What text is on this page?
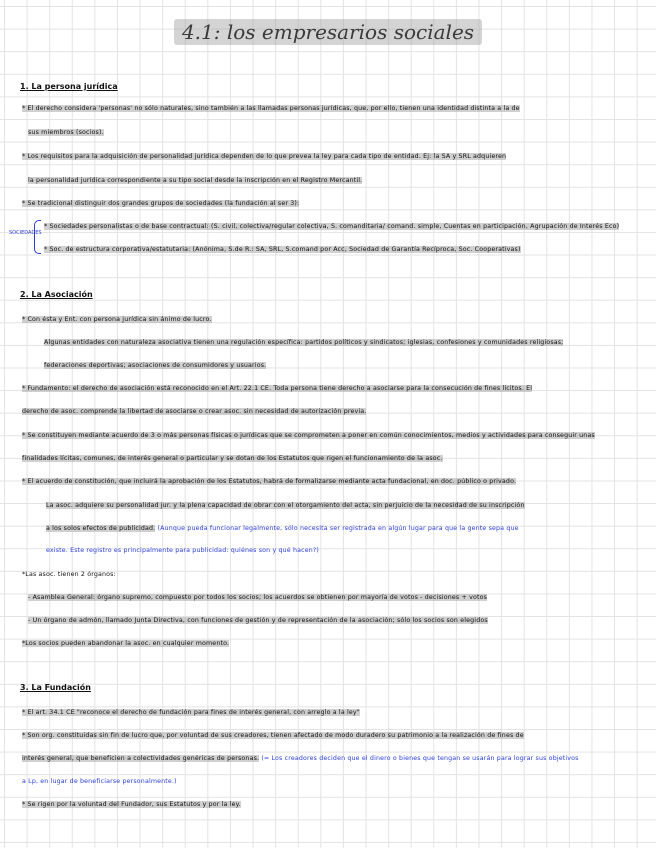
4.1: los empresarios sociales
1. La persona jurídica
* El derecho considera 'personas' no sólo naturales, sino también a las llamadas personas jurídicas, que, por ello, tienen una identidad distinta a la de
sus miembros (socios).
* Los requisitos para la adquisición de personalidad jurídica dependen de lo que prevea la ley para cada tipo de entidad. Ej: la SA y SRL adquieren
la personalidad jurídica correspondiente a su tipo social desde la inscripción en el Registro Mercantil.
* Se tradicional distinguir dos grandes grupos de sociedades (la fundación al ser 3):
SOCIEDADES
* Sociedades personalistas o de base contractual: (S. civil, colectiva/regular colectiva, S. comanditaria/ comand. simple, Cuentas en participación, Agrupación de Interés Eco)
* Soc. de estructura corporativa/estatutaria: (Anónima, S.de R.: SA, SRL, S.comand por Acc, Sociedad de Garantía Recíproca, Soc. Cooperativas)
2. La Asociación
* Con ésta y Ent. con persona jurídica sin ánimo de lucro.
Algunas entidades con naturaleza asociativa tienen una regulación específica: partidos políticos y sindicatos; iglesias, confesiones y comunidades religiosas;
federaciones deportivas; asociaciones de consumidores y usuarios.
* Fundamento: el derecho de asociación está reconocido en el Art. 22.1 CE. Toda persona tiene derecho a asociarse para la consecución de fines lícitos. El
derecho de asoc. comprende la libertad de asociarse o crear asoc. sin necesidad de autorización previa.
* Se constituyen mediante acuerdo de 3 o más personas físicas o jurídicas que se comprometen a poner en común conocimientos, medios y actividades para conseguir unas
finalidades lícitas, comunes, de interés general o particular y se dotan de los Estatutos que rigen el funcionamiento de la asoc.
* El acuerdo de constitución, que incluirá la aprobación de los Estatutos, habrá de formalizarse mediante acta fundacional, en doc. público o privado.
La asoc. adquiere su personalidad jur. y la plena capacidad de obrar con el otorgamiento del acta, sin perjuicio de la necesidad de su inscripción
a los solos efectos de publicidad. (Aunque pueda funcionar legalmente, sólo necesita ser registrada en algún lugar para que la gente sepa que
existe. Este registro es principalmente para publicidad: quiénes son y qué hacen?)
*Las asoc. tienen 2 órganos:
- Asamblea General: órgano supremo, compuesto por todos los socios; los acuerdos se obtienen por mayoría de votos - decisiones + votos
- Un órgano de admón, llamado Junta Directiva, con funciones de gestión y de representación de la asociación; sólo los socios son elegidos
*Los socios pueden abandonar la asoc. en cualquier momento.
3. La Fundación
* El art. 34.1 CE "reconoce el derecho de fundación para fines de interés general, con arreglo a la ley"
* Son org. constituidas sin fin de lucro que, por voluntad de sus creadores, tienen afectado de modo duradero su patrimonio a la realización de fines de
interés general, que beneficien a colectividades genéricas de personas. (= Los creadores deciden que el dinero o bienes que tengan se usarán para lograr sus objetivos
a Lp, en lugar de beneficiarse personalmente.)
* Se rigen por la voluntad del Fundador, sus Estatutos y por la ley.
